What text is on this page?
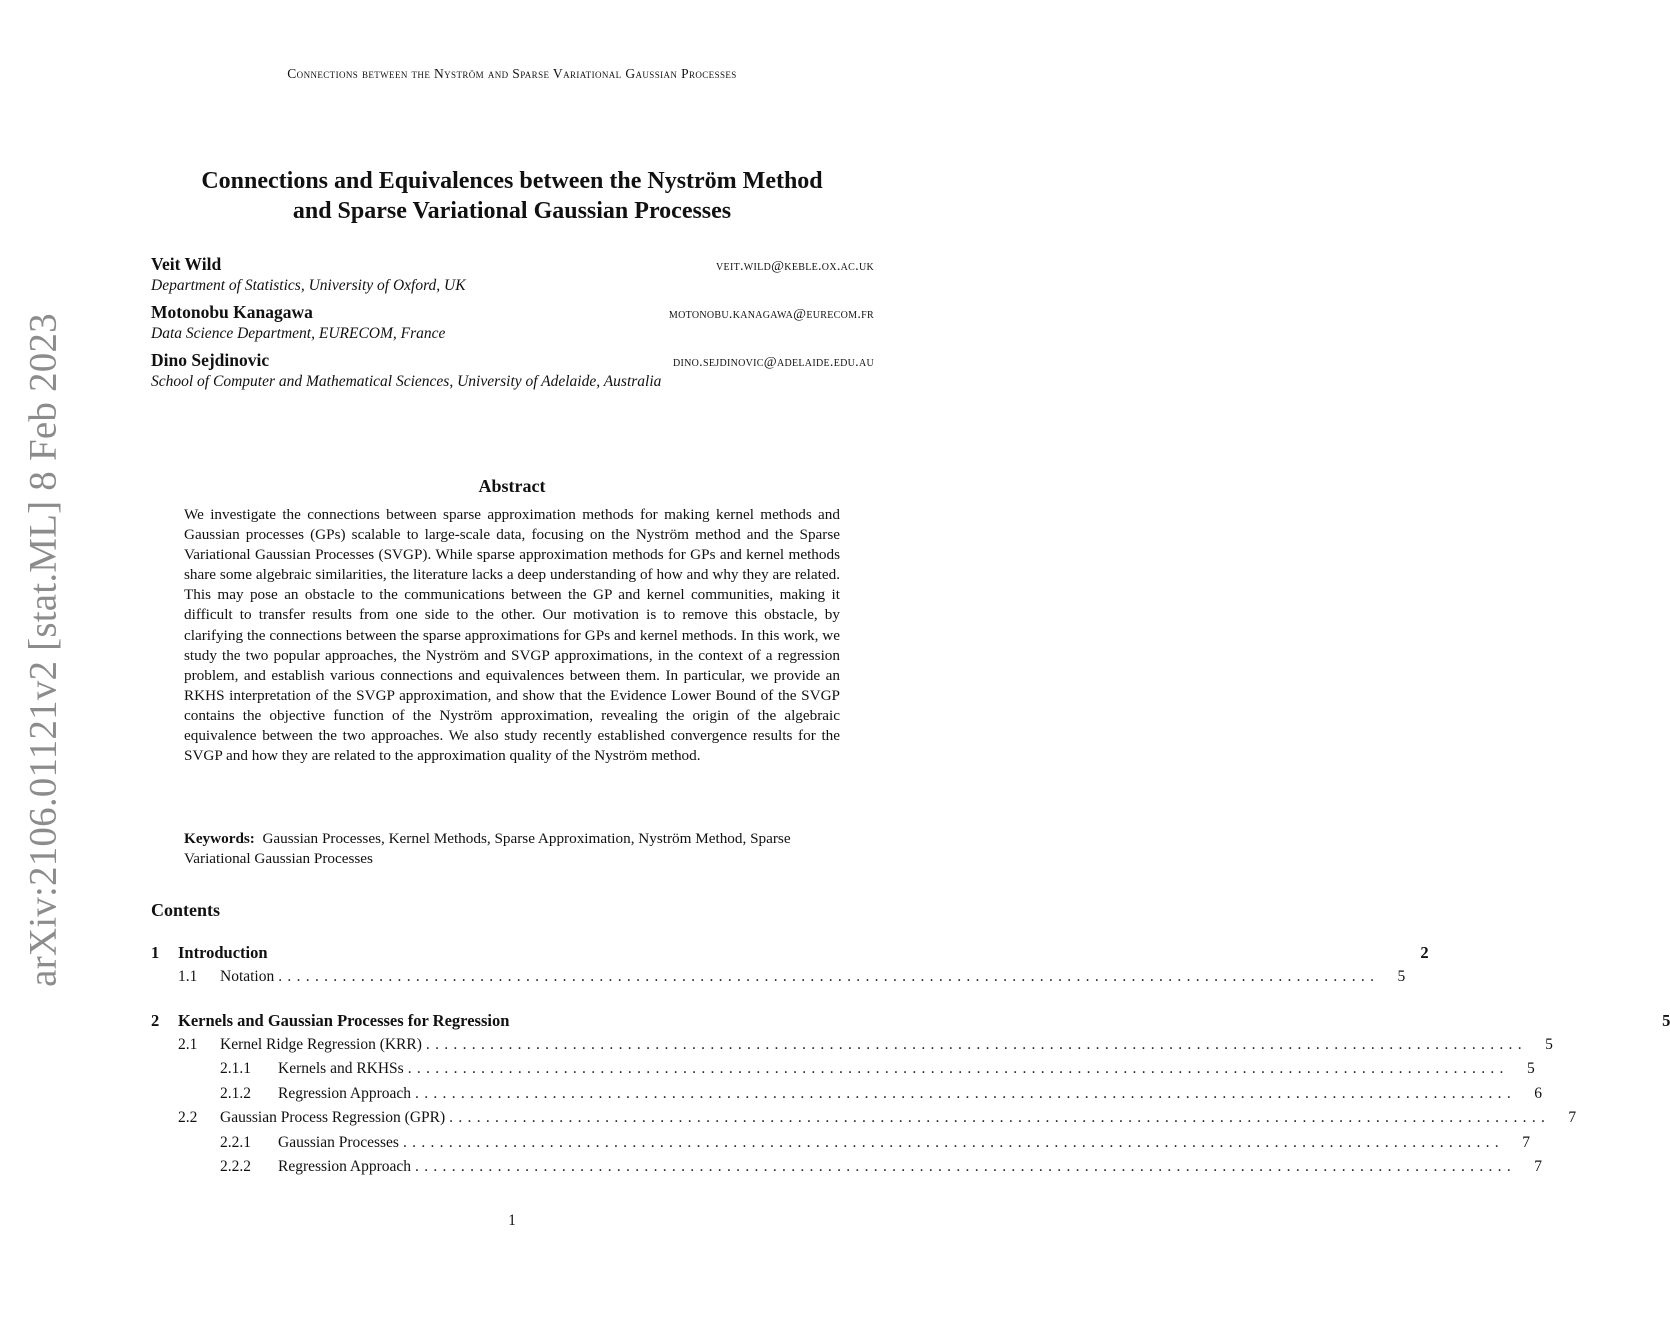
Connections between the Nyström and Sparse Variational Gaussian Processes
arXiv:2106.01121v2 [stat.ML] 8 Feb 2023
Connections and Equivalences between the Nyström Method
and Sparse Variational Gaussian Processes
Veit Wild	veit.wild@keble.ox.ac.uk
Department of Statistics, University of Oxford, UK
Motonobu Kanagawa	motonobu.kanagawa@eurecom.fr
Data Science Department, EURECOM, France
Dino Sejdinovic	dino.sejdinovic@adelaide.edu.au
School of Computer and Mathematical Sciences, University of Adelaide, Australia
Abstract
We investigate the connections between sparse approximation methods for making kernel methods and Gaussian processes (GPs) scalable to large-scale data, focusing on the Nyström method and the Sparse Variational Gaussian Processes (SVGP). While sparse approximation methods for GPs and kernel methods share some algebraic similarities, the literature lacks a deep understanding of how and why they are related. This may pose an obstacle to the communications between the GP and kernel communities, making it difficult to transfer results from one side to the other. Our motivation is to remove this obstacle, by clarifying the connections between the sparse approximations for GPs and kernel methods. In this work, we study the two popular approaches, the Nyström and SVGP approximations, in the context of a regression problem, and establish various connections and equivalences between them. In particular, we provide an RKHS interpretation of the SVGP approximation, and show that the Evidence Lower Bound of the SVGP contains the objective function of the Nyström approximation, revealing the origin of the algebraic equivalence between the two approaches. We also study recently established convergence results for the SVGP and how they are related to the approximation quality of the Nyström method.
Keywords: Gaussian Processes, Kernel Methods, Sparse Approximation, Nyström Method, Sparse Variational Gaussian Processes
Contents
1	Introduction	2
1.1	Notation ........................................................................................................................	5
2	Kernels and Gaussian Processes for Regression	5
2.1	Kernel Ridge Regression (KRR) ........................................................................................................................	5
2.1.1	Kernels and RKHSs ........................................................................................................................	5
2.1.2	Regression Approach ........................................................................................................................	6
2.2	Gaussian Process Regression (GPR) ........................................................................................................................	7
2.2.1	Gaussian Processes ........................................................................................................................	7
2.2.2	Regression Approach ........................................................................................................................	7
1
